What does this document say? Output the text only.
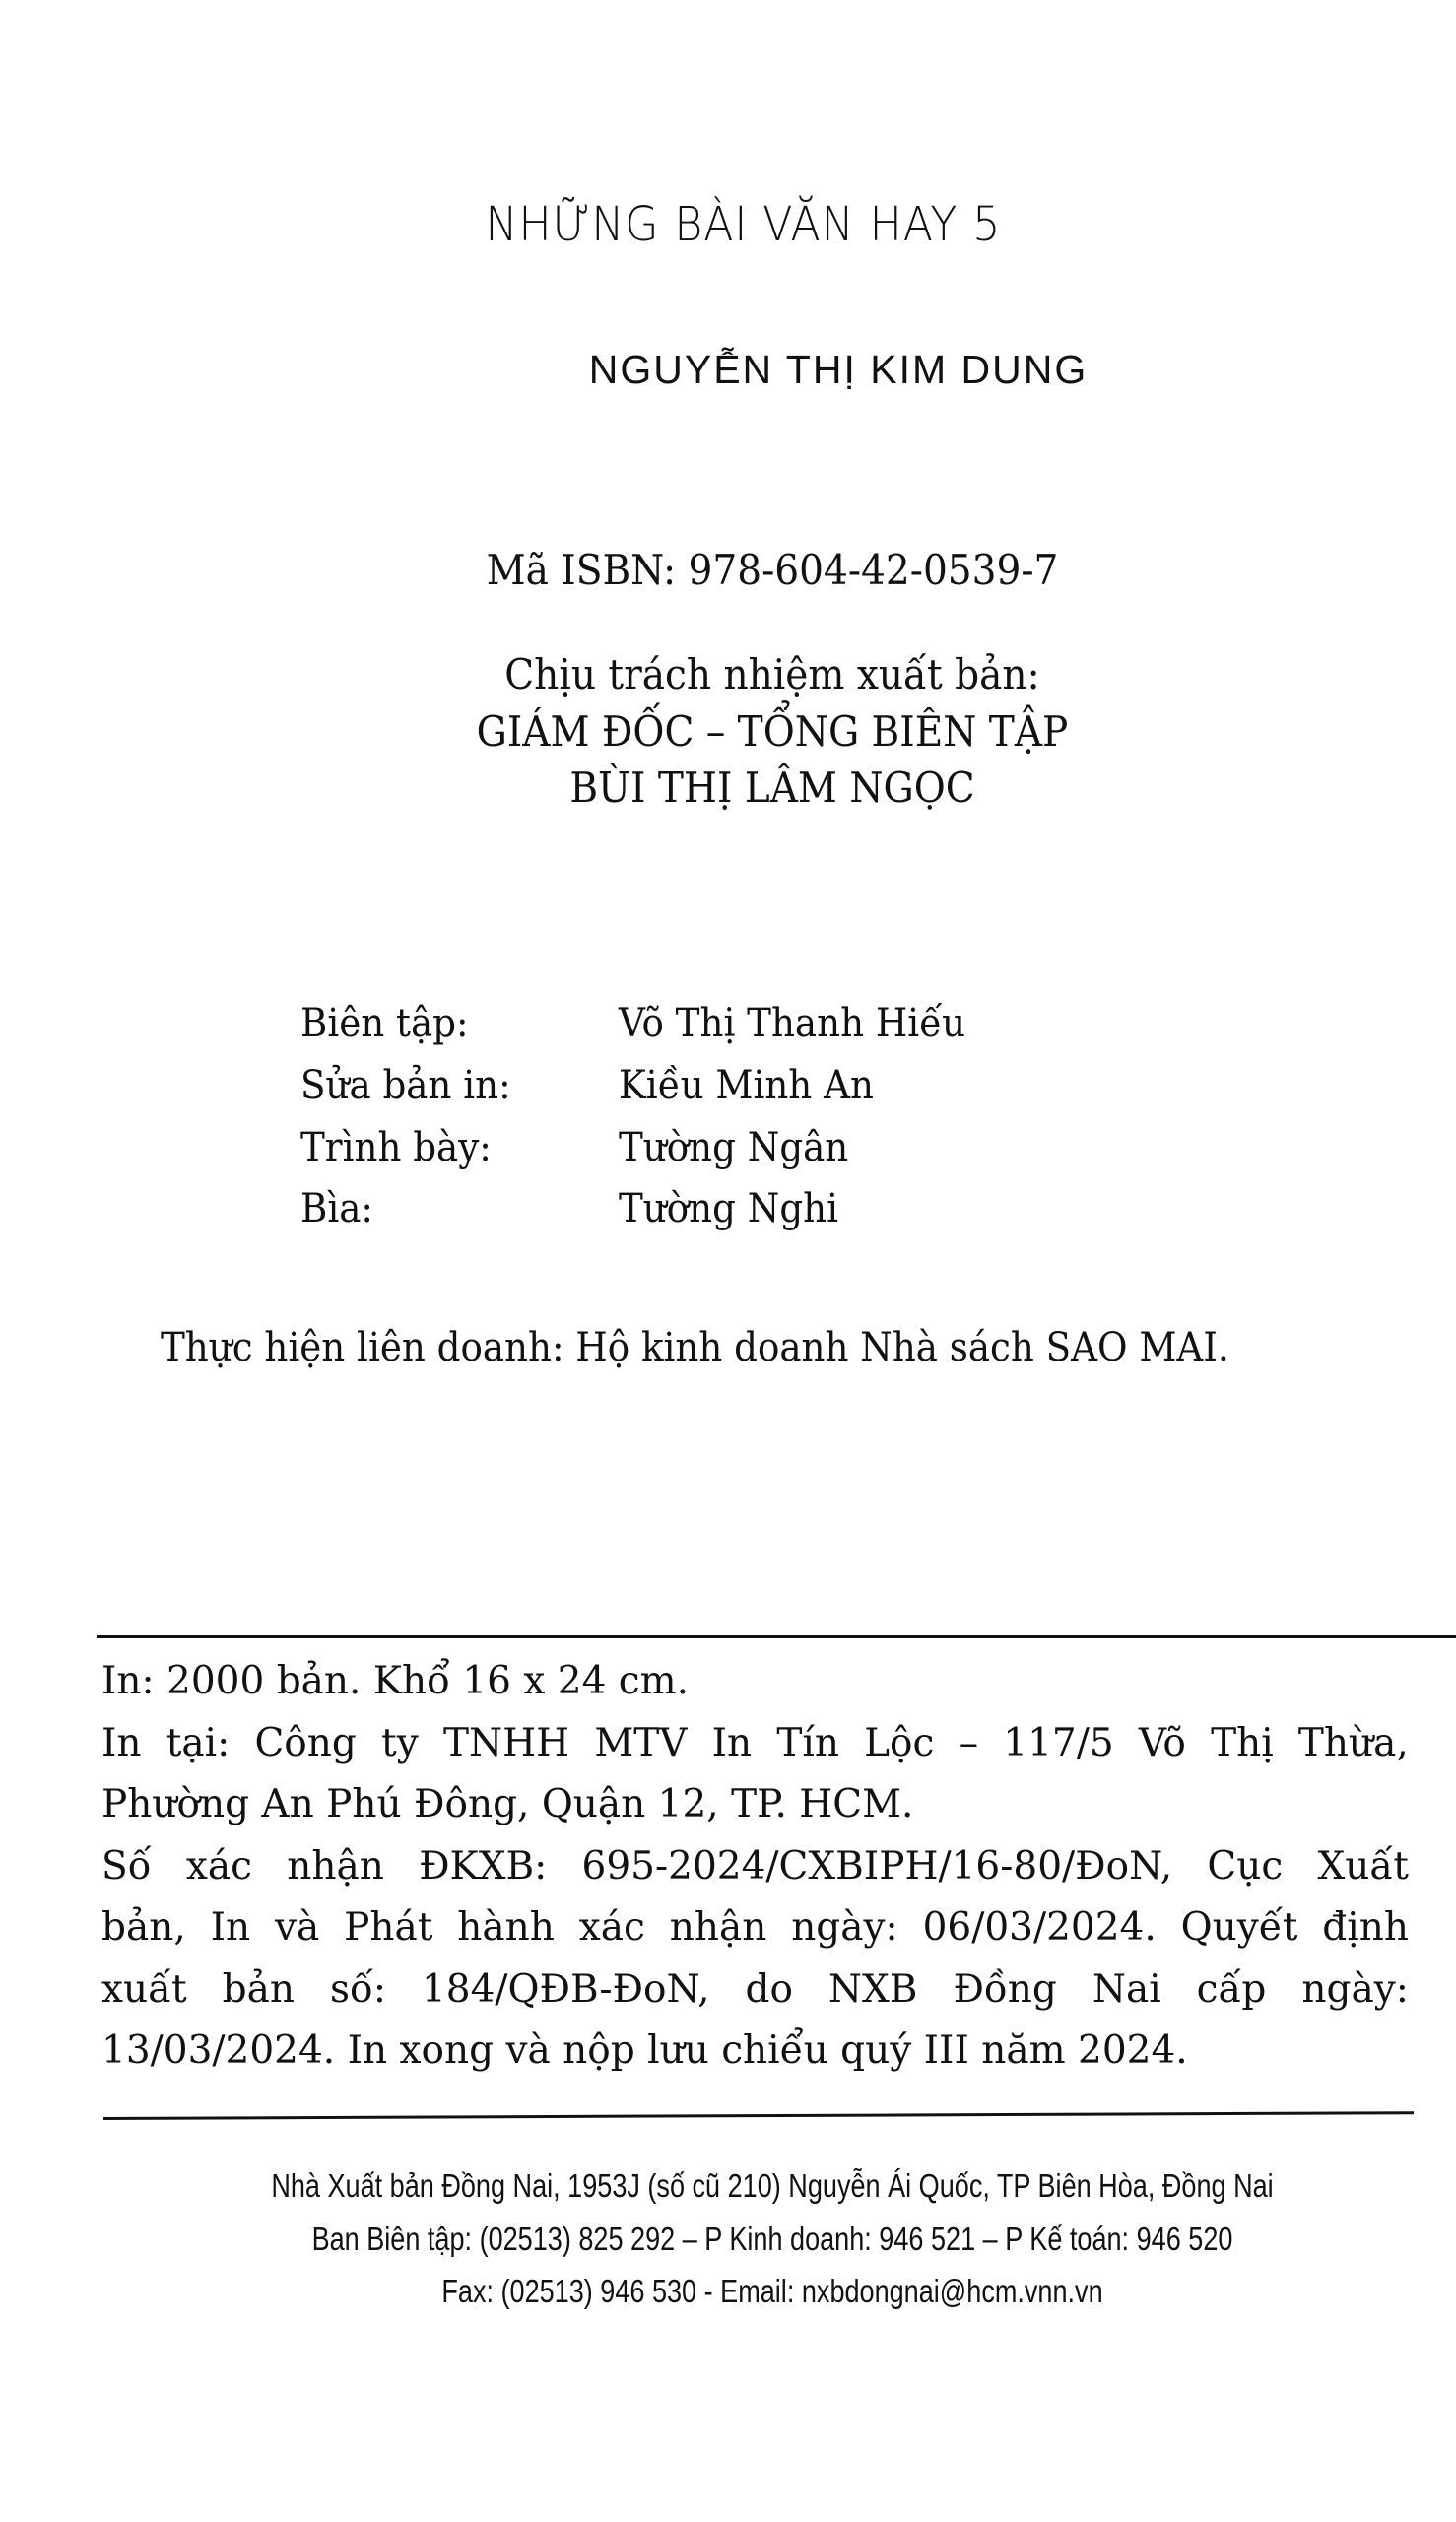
NHỮNG BÀI VĂN HAY 5
NGUYỄN THỊ KIM DUNG
Mã ISBN: 978-604-42-0539-7
Chịu trách nhiệm xuất bản:
GIÁM ĐỐC – TỔNG BIÊN TẬP
BÙI THỊ LÂM NGỌC
Biên tập:	Võ Thị Thanh Hiếu
Sửa bản in:	Kiều Minh An
Trình bày:	Tường Ngân
Bìa:	Tường Nghi
Thực hiện liên doanh: Hộ kinh doanh Nhà sách SAO MAI.
In: 2000 bản. Khổ 16 x 24 cm.
In tại: Công ty TNHH MTV In Tín Lộc – 117/5 Võ Thị Thừa,
Phường An Phú Đông, Quận 12, TP. HCM.
Số xác nhận ĐKXB: 695-2024/CXBIPH/16-80/ĐoN, Cục Xuất
bản, In và Phát hành xác nhận ngày: 06/03/2024. Quyết định
xuất bản số: 184/QĐB-ĐoN, do NXB Đồng Nai cấp ngày:
13/03/2024. In xong và nộp lưu chiểu quý III năm 2024.
Nhà Xuất bản Đồng Nai, 1953J (số cũ 210) Nguyễn Ái Quốc, TP Biên Hòa, Đồng Nai
Ban Biên tập: (02513) 825 292 – P Kinh doanh: 946 521 – P Kế toán: 946 520
Fax: (02513) 946 530 - Email: nxbdongnai@hcm.vnn.vn
